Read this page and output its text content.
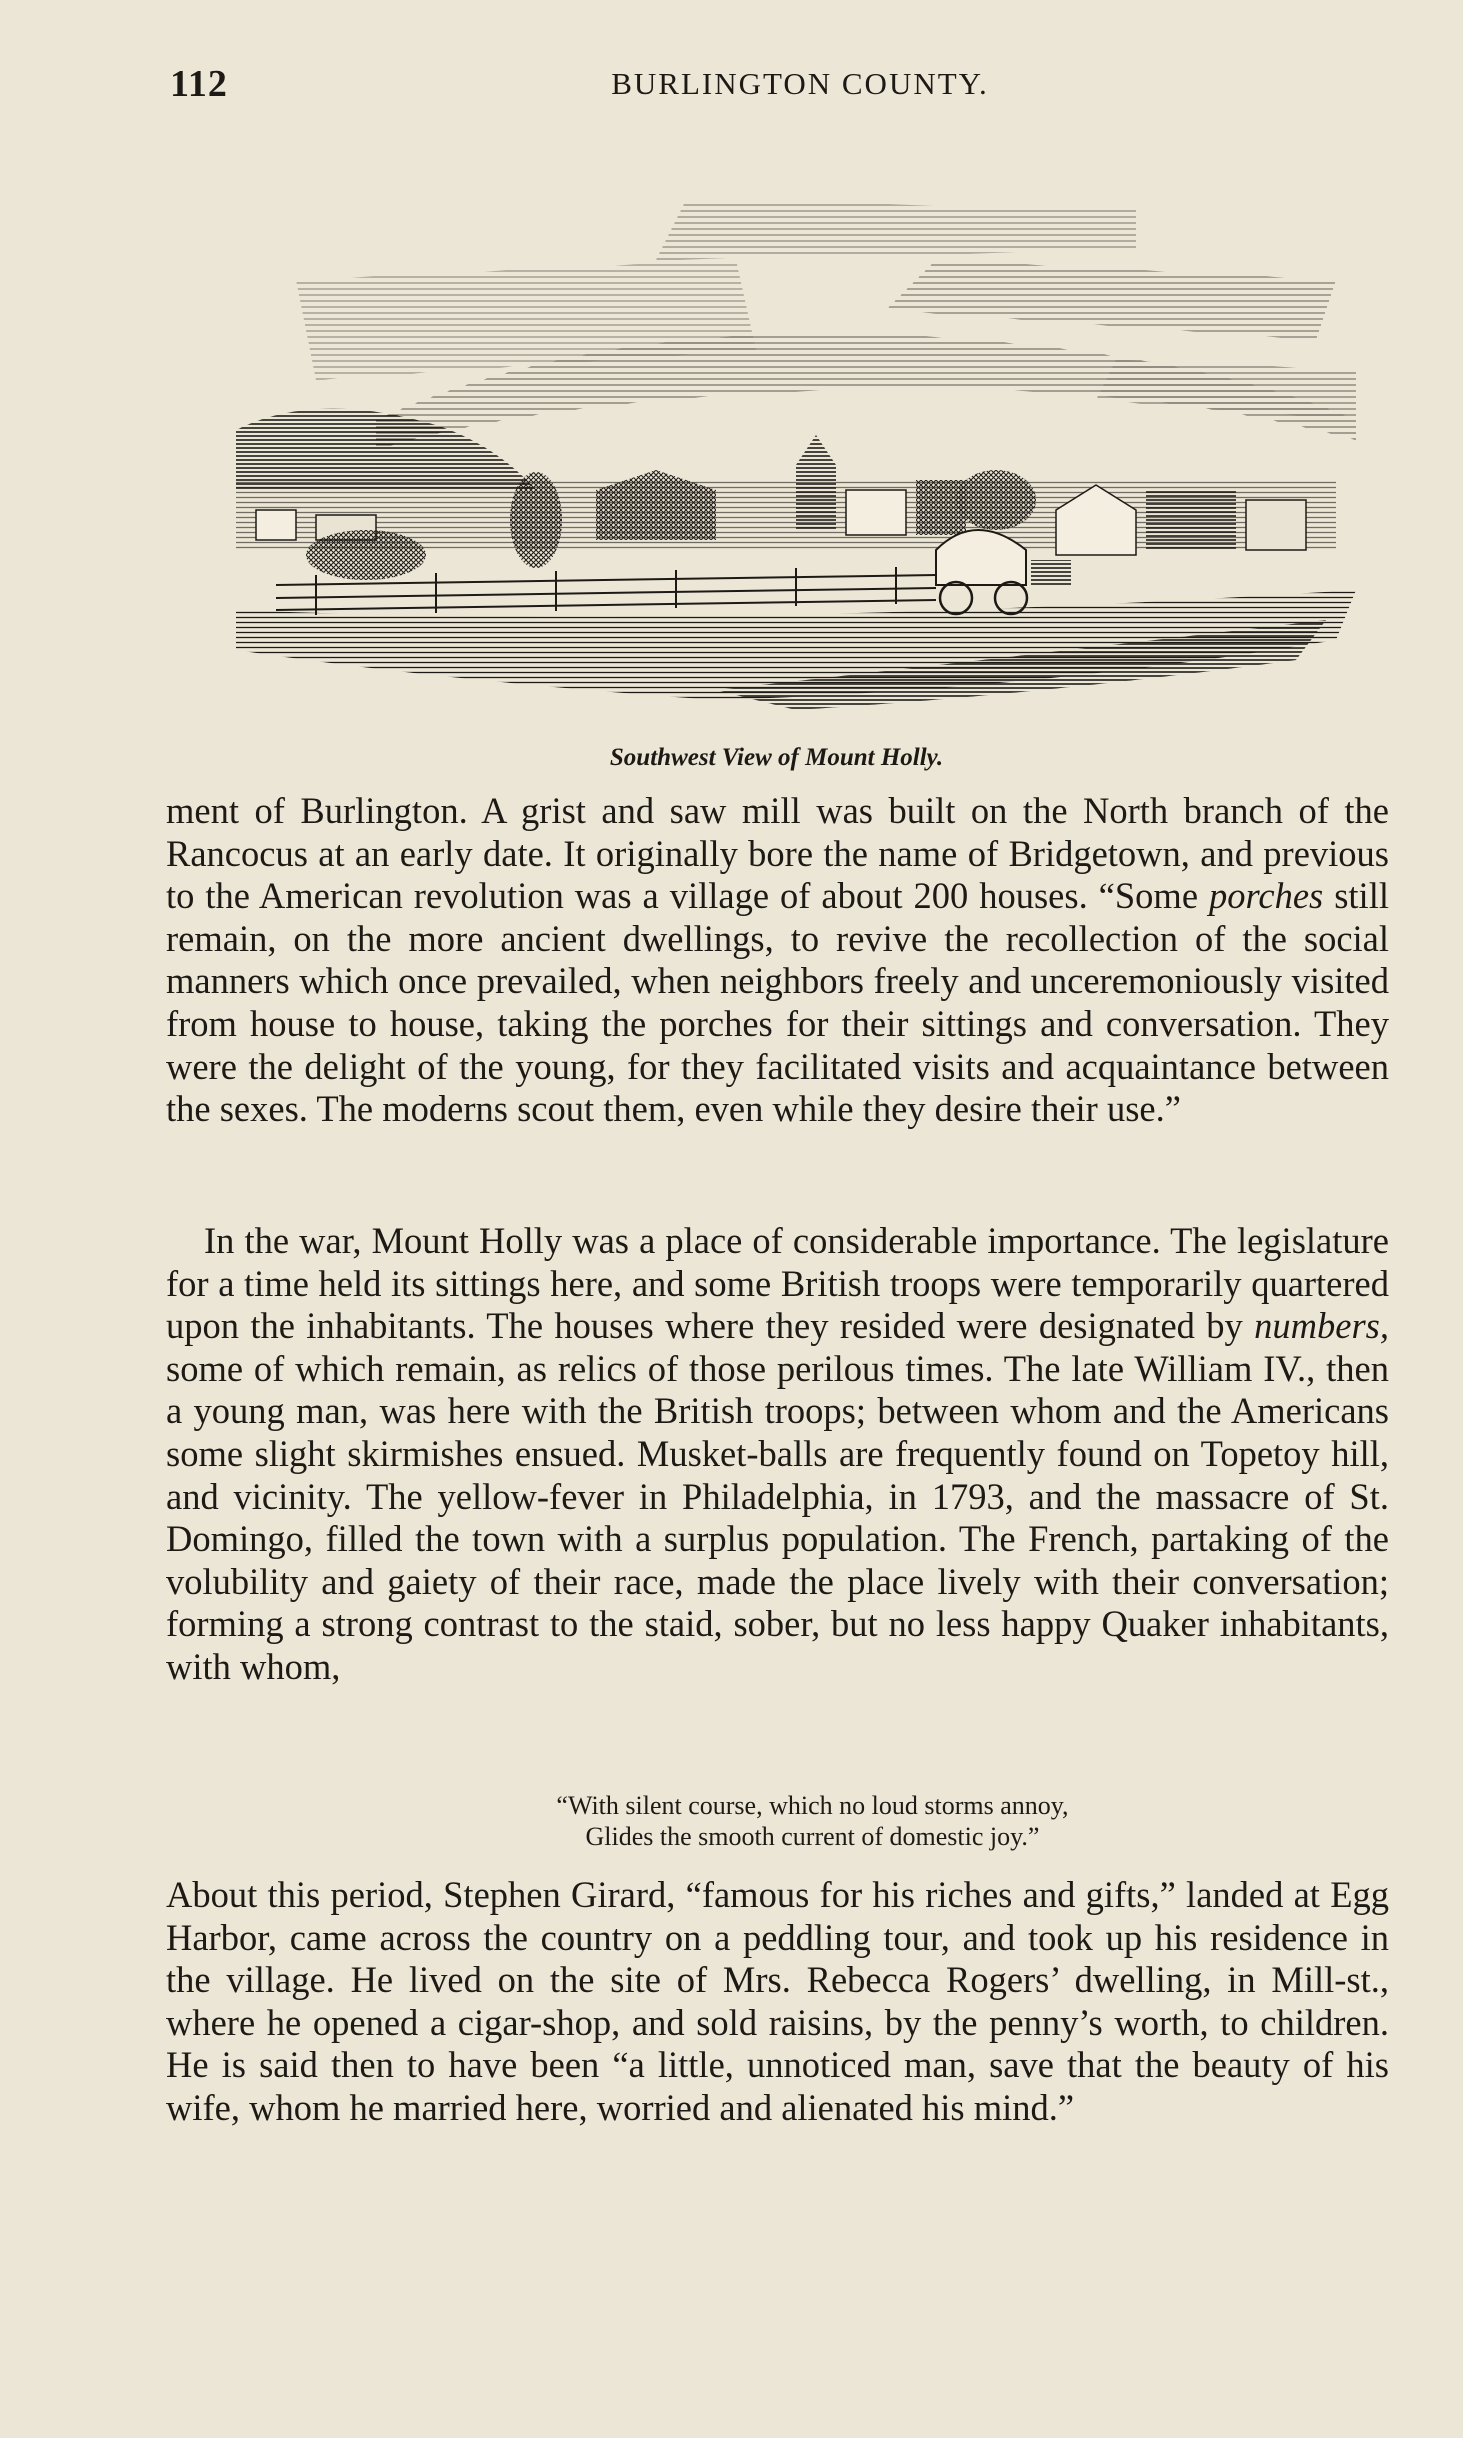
112	BURLINGTON COUNTY.
Southwest View of Mount Holly.

ment of Burlington. A grist and saw mill was built on the North branch of the Rancocus at an early date. It originally bore the name of Bridgetown, and previous to the American revolution was a village of about 200 houses. “Some porches still remain, on the more ancient dwellings, to revive the recollection of the social manners which once prevailed, when neighbors freely and unceremoniously visited from house to house, taking the porches for their sittings and conversation. They were the delight of the young, for they facilitated visits and acquaintance between the sexes. The moderns scout them, even while they desire their use.”

In the war, Mount Holly was a place of considerable importance. The legislature for a time held its sittings here, and some British troops were temporarily quartered upon the inhabitants. The houses where they resided were designated by numbers, some of which remain, as relics of those perilous times. The late William IV., then a young man, was here with the British troops; between whom and the Americans some slight skirmishes ensued. Musket-balls are frequently found on Topetoy hill, and vicinity. The yellow-fever in Philadelphia, in 1793, and the massacre of St. Domingo, filled the town with a surplus population. The French, partaking of the volubility and gaiety of their race, made the place lively with their conversation; forming a strong contrast to the staid, sober, but no less happy Quaker inhabitants, with whom,

“With silent course, which no loud storms annoy,
Glides the smooth current of domestic joy.”

About this period, Stephen Girard, “famous for his riches and gifts,” landed at Egg Harbor, came across the country on a peddling tour, and took up his residence in the village. He lived on the site of Mrs. Rebecca Rogers’ dwelling, in Mill-st., where he opened a cigar-shop, and sold raisins, by the penny’s worth, to children. He is said then to have been “a little, unnoticed man, save that the beauty of his wife, whom he married here, worried and alienated his mind.”
